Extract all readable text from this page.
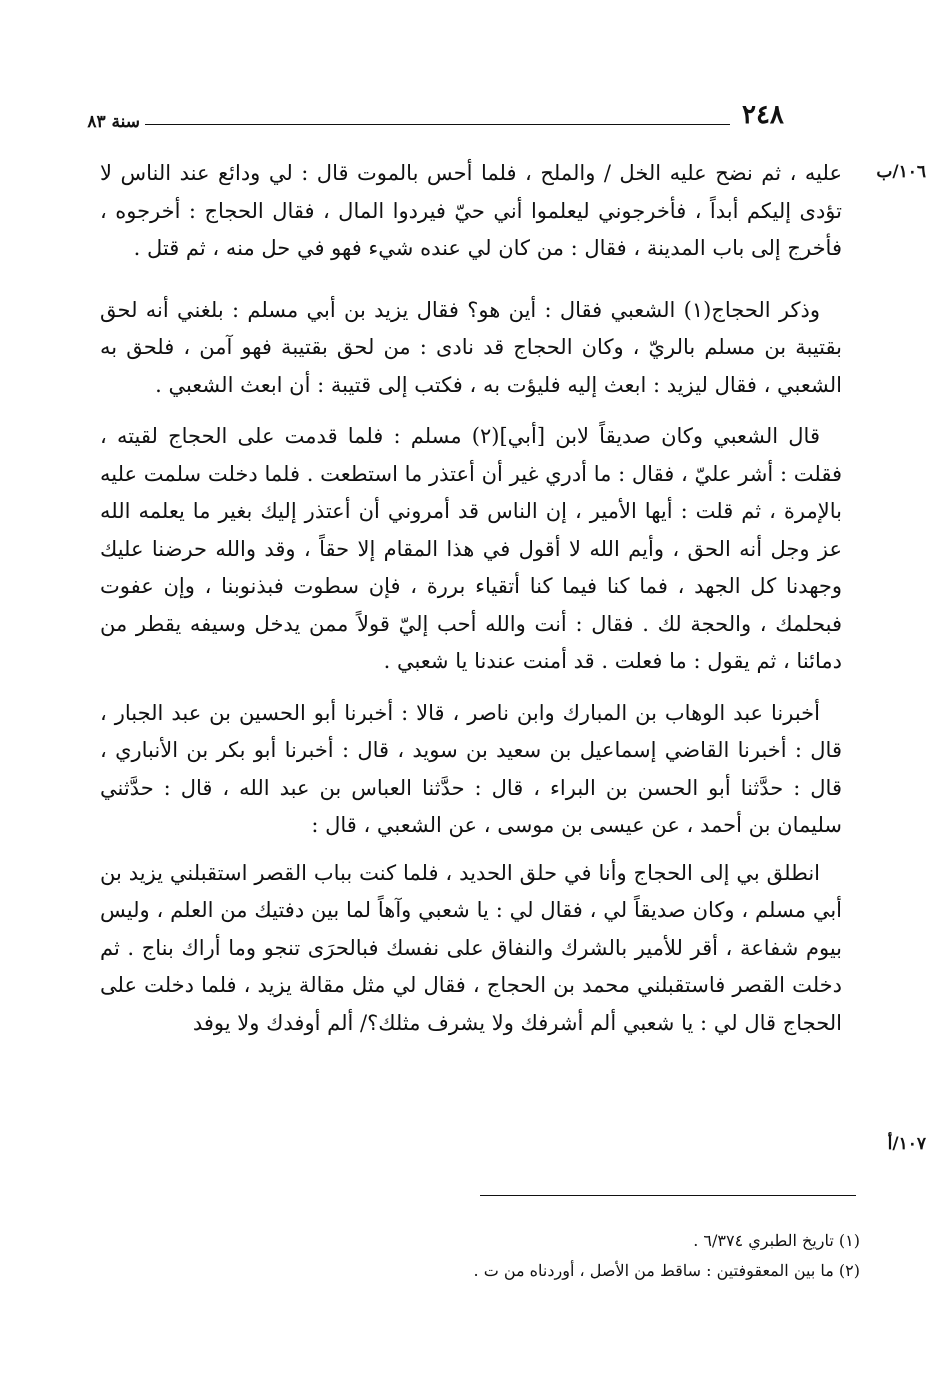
٢٤٨
سنة ٨٣
١٠٦/ب
١٠٧/أ

عليه ، ثم نضح عليه الخل / والملح ، فلما أحس بالموت قال : لي ودائع عند الناس لا تؤدى إليكم أبداً ، فأخرجوني ليعلموا أني حيّ فيردوا المال ، فقال الحجاج : أخرجوه ، فأخرج إلى باب المدينة ، فقال : من كان لي عنده شيء فهو في حل منه ، ثم قتل .

وذكر الحجاج(١) الشعبي فقال : أين هو؟ فقال يزيد بن أبي مسلم : بلغني أنه لحق بقتيبة بن مسلم بالريّ ، وكان الحجاج قد نادى : من لحق بقتيبة فهو آمن ، فلحق به الشعبي ، فقال ليزيد : ابعث إليه فليؤت به ، فكتب إلى قتيبة : أن ابعث الشعبي .

قال الشعبي وكان صديقاً لابن [أبي](٢) مسلم : فلما قدمت على الحجاج لقيته ، فقلت : أشر عليّ ، فقال : ما أدري غير أن أعتذر ما استطعت . فلما دخلت سلمت عليه بالإمرة ، ثم قلت : أيها الأمير ، إن الناس قد أمروني أن أعتذر إليك بغير ما يعلمه الله عز وجل أنه الحق ، وأيم الله لا أقول في هذا المقام إلا حقاً ، وقد والله حرضنا عليك وجهدنا كل الجهد ، فما كنا فيما كنا أتقياء بررة ، فإن سطوت فبذنوبنا ، وإن عفوت فبحلمك ، والحجة لك . فقال : أنت والله أحب إليّ قولاً ممن يدخل وسيفه يقطر من دمائنا ، ثم يقول : ما فعلت . قد أمنت عندنا يا شعبي .

أخبرنا عبد الوهاب بن المبارك وابن ناصر ، قالا : أخبرنا أبو الحسين بن عبد الجبار ، قال : أخبرنا القاضي إسماعيل بن سعيد بن سويد ، قال : أخبرنا أبو بكر بن الأنباري ، قال : حدَّثنا أبو الحسن بن البراء ، قال : حدَّثنا العباس بن عبد الله ، قال : حدَّثني سليمان بن أحمد ، عن عيسى بن موسى ، عن الشعبي ، قال :

انطلق بي إلى الحجاج وأنا في حلق الحديد ، فلما كنت بباب القصر استقبلني يزيد بن أبي مسلم ، وكان صديقاً لي ، فقال لي : يا شعبي وآهاً لما بين دفتيك من العلم ، وليس بيوم شفاعة ، أقر للأمير بالشرك والنفاق على نفسك فبالحرَى تنجو وما أراك بناج . ثم دخلت القصر فاستقبلني محمد بن الحجاج ، فقال لي مثل مقالة يزيد ، فلما دخلت على الحجاج قال لي : يا شعبي ألم أشرفك ولا يشرف مثلك؟/ ألم أوفدك ولا يوفد

(١) تاريخ الطبري ٦/٣٧٤ .

(٢) ما بين المعقوفتين : ساقط من الأصل ، أوردناه من ت .
